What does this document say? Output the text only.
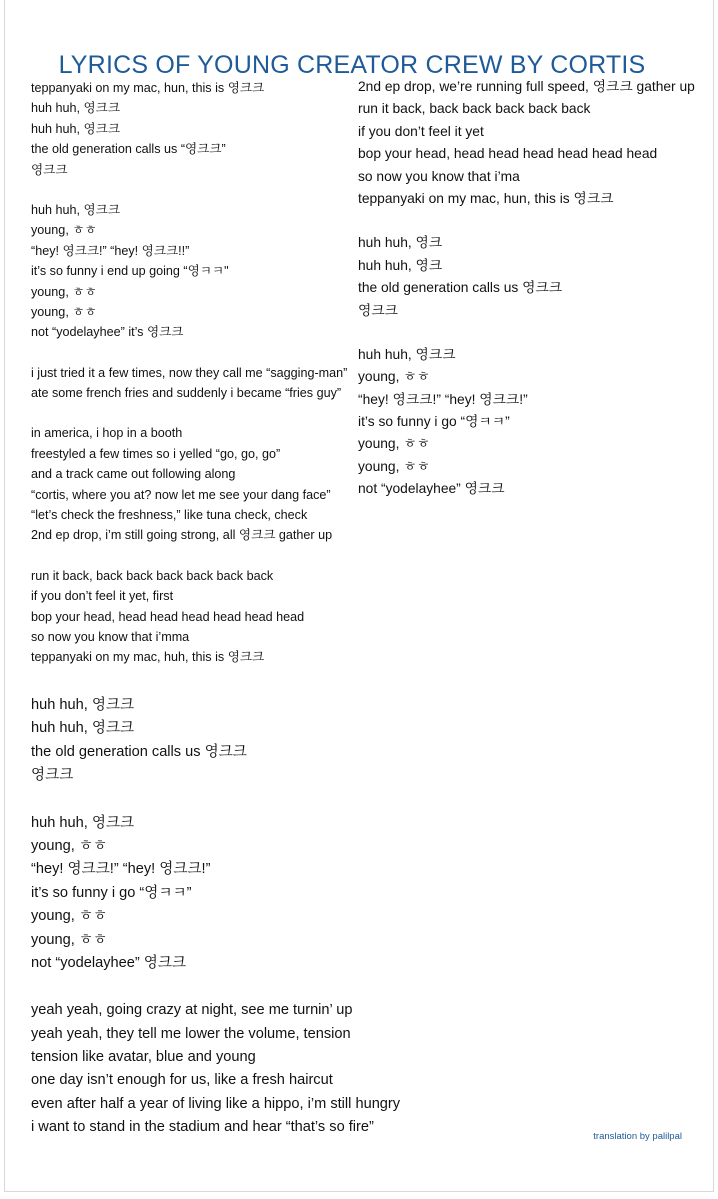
LYRICS OF YOUNG CREATOR CREW BY CORTIS
teppanyaki on my mac, hun, this is 영크크
huh huh, 영크크
huh huh, 영크크
the old generation calls us “영크크”
영크크
huh huh, 영크크
young, ㅎㅎ
“hey! 영크크!” “hey! 영크크!!”
it’s so funny i end up going “영ㅋㅋ"
young, ㅎㅎ
young, ㅎㅎ
not “yodelayhee” it’s 영크크
i just tried it a few times, now they call me “sagging-man”
ate some french fries and suddenly i became “fries guy”
in america, i hop in a booth
freestyled a few times so i yelled “go, go, go”
and a track came out following along
“cortis, where you at? now let me see your dang face”
“let’s check the freshness,” like tuna check, check
2nd ep drop, i’m still going strong, all 영크크 gather up
run it back, back back back back back back
if you don’t feel it yet, first
bop your head, head head head head head head
so now you know that i’mma
teppanyaki on my mac, huh, this is 영크크
huh huh, 영크크
huh huh, 영크크
the old generation calls us 영크크
영크크
huh huh, 영크크
young, ㅎㅎ
“hey! 영크크!” “hey! 영크크!”
it’s so funny i go “영ㅋㅋ”
young, ㅎㅎ
young, ㅎㅎ
not “yodelayhee” 영크크
yeah yeah, going crazy at night, see me turnin’ up
yeah yeah, they tell me lower the volume, tension
tension like avatar, blue and young
one day isn’t enough for us, like a fresh haircut
even after half a year of living like a hippo, i’m still hungry
i want to stand in the stadium and hear “that’s so fire”
2nd ep drop, we’re running full speed, 영크크 gather up
run it back, back back back back back
if you don’t feel it yet
bop your head, head head head head head head
so now you know that i’ma
teppanyaki on my mac, hun, this is 영크크
huh huh, 영크
huh huh, 영크
the old generation calls us 영크크
영크크
huh huh, 영크크
young, ㅎㅎ
“hey! 영크크!” “hey! 영크크!”
it’s so funny i go “영ㅋㅋ”
young, ㅎㅎ
young, ㅎㅎ
not “yodelayhee” 영크크
translation by palilpal
